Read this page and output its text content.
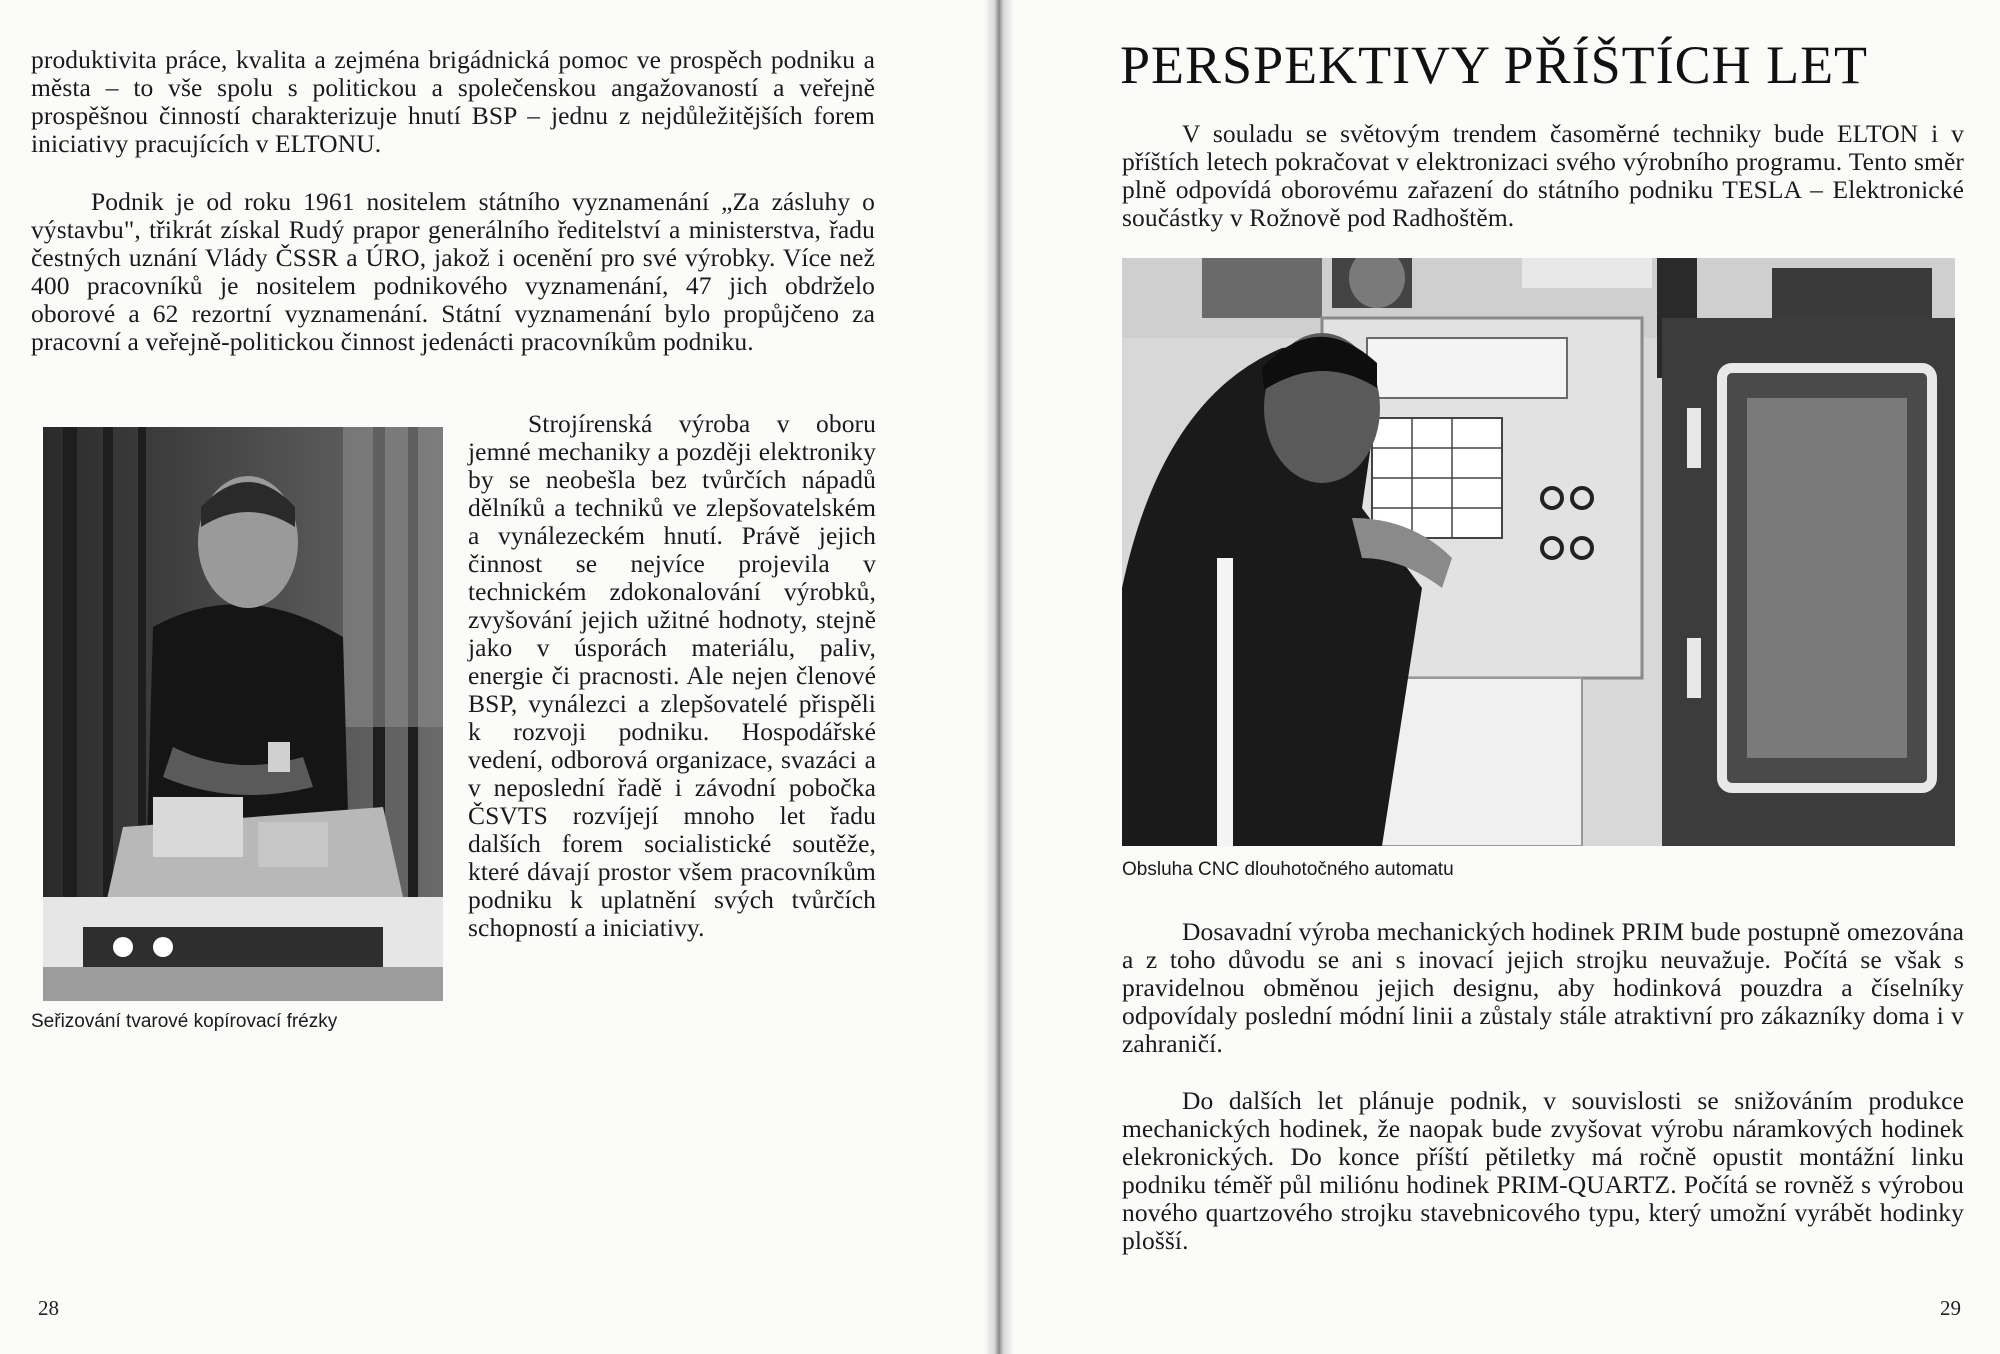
produktivita práce, kvalita a zejména brigádnická pomoc ve prospěch podniku a města – to vše spolu s politickou a společenskou angažovaností a veřejně prospěšnou činností charakterizuje hnutí BSP – jednu z nejdůležitějších forem iniciativy pracujících v ELTONU.

Podnik je od roku 1961 nositelem státního vyznamenání „Za zásluhy o výstavbu", třikrát získal Rudý prapor generálního ředitelství a ministerstva, řadu čestných uznání Vlády ČSSR a ÚRO, jakož i ocenění pro své výrobky. Více než 400 pracovníků je nositelem podnikového vyznamenání, 47 jich obdrželo oborové a 62 rezortní vyznamenání. Státní vyznamenání bylo propůjčeno za pracovní a veřejně-politickou činnost jedenácti pracovníkům podniku.

Seřizování tvarové kopírovací frézky

Strojírenská výroba v oboru jemné mechaniky a později elektroniky by se neobešla bez tvůrčích nápadů dělníků a techniků ve zlepšovatelském a vynálezeckém hnutí. Právě jejich činnost se nejvíce projevila v technickém zdokonalování výrobků, zvyšování jejich užitné hodnoty, stejně jako v úsporách materiálu, paliv, energie či pracnosti. Ale nejen členové BSP, vynálezci a zlepšovatelé přispěli k rozvoji podniku. Hospodářské vedení, odborová organizace, svazáci a v neposlední řadě i závodní pobočka ČSVTS rozvíjejí mnoho let řadu dalších forem socialistické soutěže, které dávají prostor všem pracovníkům podniku k uplatnění svých tvůrčích schopností a iniciativy.

28
PERSPEKTIVY PŘÍŠTÍCH LET

V souladu se světovým trendem časoměrné techniky bude ELTON i v příštích letech pokračovat v elektronizaci svého výrobního programu. Tento směr plně odpovídá oborovému zařazení do státního podniku TESLA – Elektronické součástky v Rožnově pod Radhoštěm.

Obsluha CNC dlouhotočného automatu

Dosavadní výroba mechanických hodinek PRIM bude postupně omezována a z toho důvodu se ani s inovací jejich strojku neuvažuje. Počítá se však s pravidelnou obměnou jejich designu, aby hodinková pouzdra a číselníky odpovídaly poslední módní linii a zůstaly stále atraktivní pro zákazníky doma i v zahraničí.

Do dalších let plánuje podnik, v souvislosti se snižováním produkce mechanických hodinek, že naopak bude zvyšovat výrobu náramkových hodinek elekronických. Do konce příští pětiletky má ročně opustit montážní linku podniku téměř půl miliónu hodinek PRIM-QUARTZ. Počítá se rovněž s výrobou nového quartzového strojku stavebnicového typu, který umožní vyrábět hodinky plošší.

29
